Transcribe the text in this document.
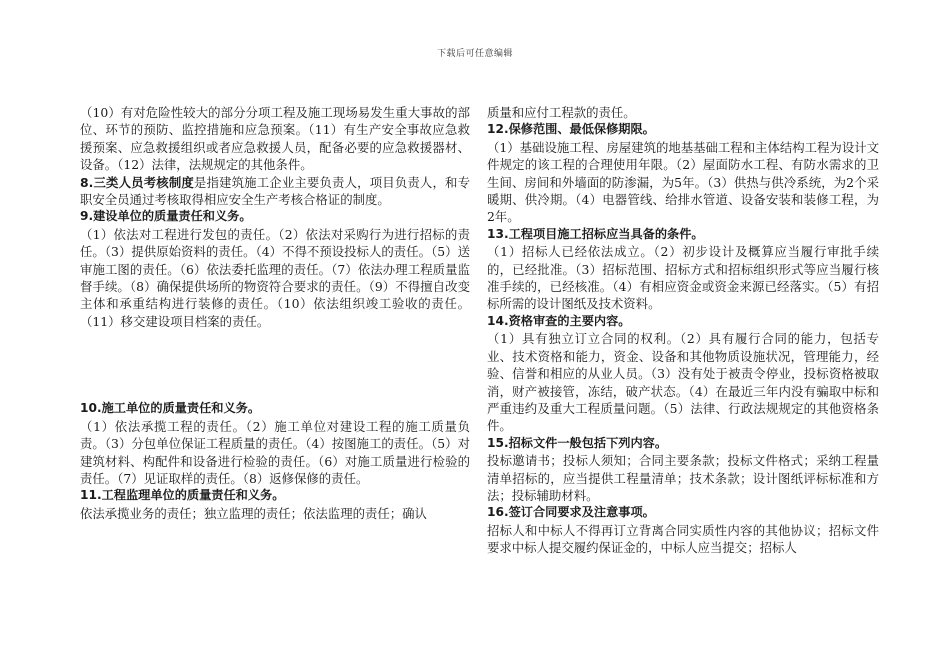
下载后可任意编辑

（10）有对危险性较大的部分分项工程及施工现场易发生重大事故的部位、环节的预防、监控措施和应急预案。（11）有生产安全事故应急救援预案、应急救援组织或者应急救援人员，配备必要的应急救援器材、设备。（12）法律，法规规定的其他条件。

8.三类人员考核制度是指建筑施工企业主要负责人，项目负责人，和专职安全员通过考核取得相应安全生产考核合格证的制度。

9.建设单位的质量责任和义务。

（1）依法对工程进行发包的责任。（2）依法对采购行为进行招标的责任。（3）提供原始资料的责任。（4）不得不预设投标人的责任。（5）送审施工图的责任。（6）依法委托监理的责任。（7）依法办理工程质量监督手续。（8）确保提供场所的物资符合要求的责任。（9）不得擅自改变主体和承重结构进行装修的责任。（10）依法组织竣工验收的责任。（11）移交建设项目档案的责任。

10.施工单位的质量责任和义务。

（1）依法承揽工程的责任。（2）施工单位对建设工程的施工质量负责。（3）分包单位保证工程质量的责任。（4）按图施工的责任。（5）对建筑材料、构配件和设备进行检验的责任。（6）对施工质量进行检验的责任。（7）见证取样的责任。（8）返修保修的责任。

11.工程监理单位的质量责任和义务。

依法承揽业务的责任；独立监理的责任；依法监理的责任；确认

质量和应付工程款的责任。

12.保修范围、最低保修期限。

（1）基础设施工程、房屋建筑的地基基础工程和主体结构工程为设计文件规定的该工程的合理使用年限。（2）屋面防水工程、有防水需求的卫生间、房间和外墙面的防渗漏，为5年。（3）供热与供冷系统，为2个采暖期、供冷期。（4）电器管线、给排水管道、设备安装和装修工程，为2年。

13.工程项目施工招标应当具备的条件。

（1）招标人已经依法成立。（2）初步设计及概算应当履行审批手续的，已经批准。（3）招标范围、招标方式和招标组织形式等应当履行核准手续的，已经核准。（4）有相应资金或资金来源已经落实。（5）有招标所需的设计图纸及技术资料。

14.资格审查的主要内容。

（1）具有独立订立合同的权利。（2）具有履行合同的能力，包括专业、技术资格和能力，资金、设备和其他物质设施状况，管理能力，经验、信誉和相应的从业人员。（3）没有处于被责令停业，投标资格被取消，财产被接管，冻结，破产状态。（4）在最近三年内没有骗取中标和严重违约及重大工程质量问题。（5）法律、行政法规规定的其他资格条件。

15.招标文件一般包括下列内容。

投标邀请书；投标人须知；合同主要条款；投标文件格式；采纳工程量清单招标的，应当提供工程量清单；技术条款；设计图纸评标标准和方法；投标辅助材料。

16.签订合同要求及注意事项。

招标人和中标人不得再订立背离合同实质性内容的其他协议；招标文件要求中标人提交履约保证金的，中标人应当提交；招标人
